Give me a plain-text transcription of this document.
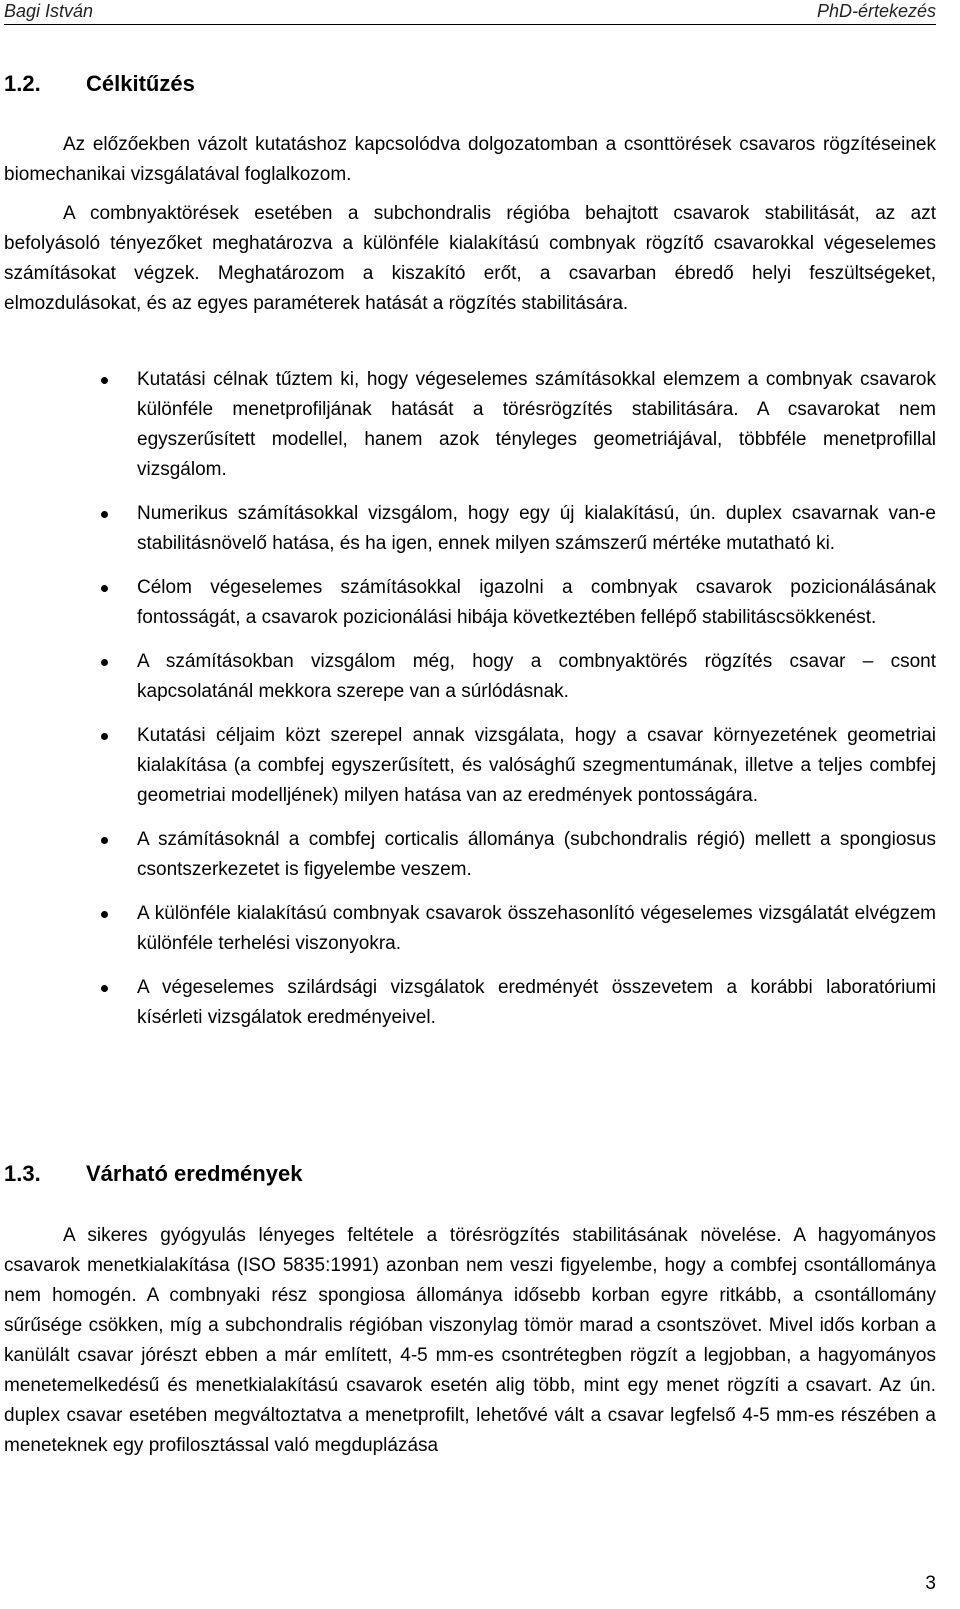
Bagi István	PhD-értekezés
1.2. Célkitűzés

Az előzőekben vázolt kutatáshoz kapcsolódva dolgozatomban a csonttörések csavaros rögzítéseinek biomechanikai vizsgálatával foglalkozom.

A combnyaktörések esetében a subchondralis régióba behajtott csavarok stabilitását, az azt befolyásoló tényezőket meghatározva a különféle kialakítású combnyak rögzítő csavarokkal végeselemes számításokat végzek. Meghatározom a kiszakító erőt, a csavarban ébredő helyi feszültségeket, elmozdulásokat, és az egyes paraméterek hatását a rögzítés stabilitására.

Kutatási célnak tűztem ki, hogy végeselemes számításokkal elemzem a combnyak csavarok különféle menetprofiljának hatását a törésrögzítés stabilitására. A csavarokat nem egyszerűsített modellel, hanem azok tényleges geometriájával, többféle menetprofillal vizsgálom.
Numerikus számításokkal vizsgálom, hogy egy új kialakítású, ún. duplex csavarnak van-e stabilitásnövelő hatása, és ha igen, ennek milyen számszerű mértéke mutatható ki.
Célom végeselemes számításokkal igazolni a combnyak csavarok pozicionálásának fontosságát, a csavarok pozicionálási hibája következtében fellépő stabilitáscsökkenést.
A számításokban vizsgálom még, hogy a combnyaktörés rögzítés csavar – csont kapcsolatánál mekkora szerepe van a súrlódásnak.
Kutatási céljaim közt szerepel annak vizsgálata, hogy a csavar környezetének geometriai kialakítása (a combfej egyszerűsített, és valósághű szegmentumának, illetve a teljes combfej geometriai modelljének) milyen hatása van az eredmények pontosságára.
A számításoknál a combfej corticalis állománya (subchondralis régió) mellett a spongiosus csontszerkezetet is figyelembe veszem.
A különféle kialakítású combnyak csavarok összehasonlító végeselemes vizsgálatát elvégzem különféle terhelési viszonyokra.
A végeselemes szilárdsági vizsgálatok eredményét összevetem a korábbi laboratóriumi kísérleti vizsgálatok eredményeivel.
1.3. Várható eredmények

A sikeres gyógyulás lényeges feltétele a törésrögzítés stabilitásának növelése. A hagyományos csavarok menetkialakítása (ISO 5835:1991) azonban nem veszi figyelembe, hogy a combfej csontállománya nem homogén. A combnyaki rész spongiosa állománya idősebb korban egyre ritkább, a csontállomány sűrűsége csökken, míg a subchondralis régióban viszonylag tömör marad a csontszövet. Mivel idős korban a kanülált csavar jórészt ebben a már említett, 4-5 mm-es csontrétegben rögzít a legjobban, a hagyományos menetemelkedésű és menetkialakítású csavarok esetén alig több, mint egy menet rögzíti a csavart. Az ún. duplex csavar esetében megváltoztatva a menetprofilt, lehetővé vált a csavar legfelső 4-5 mm-es részében a meneteknek egy profilosztással való megduplázása

3
